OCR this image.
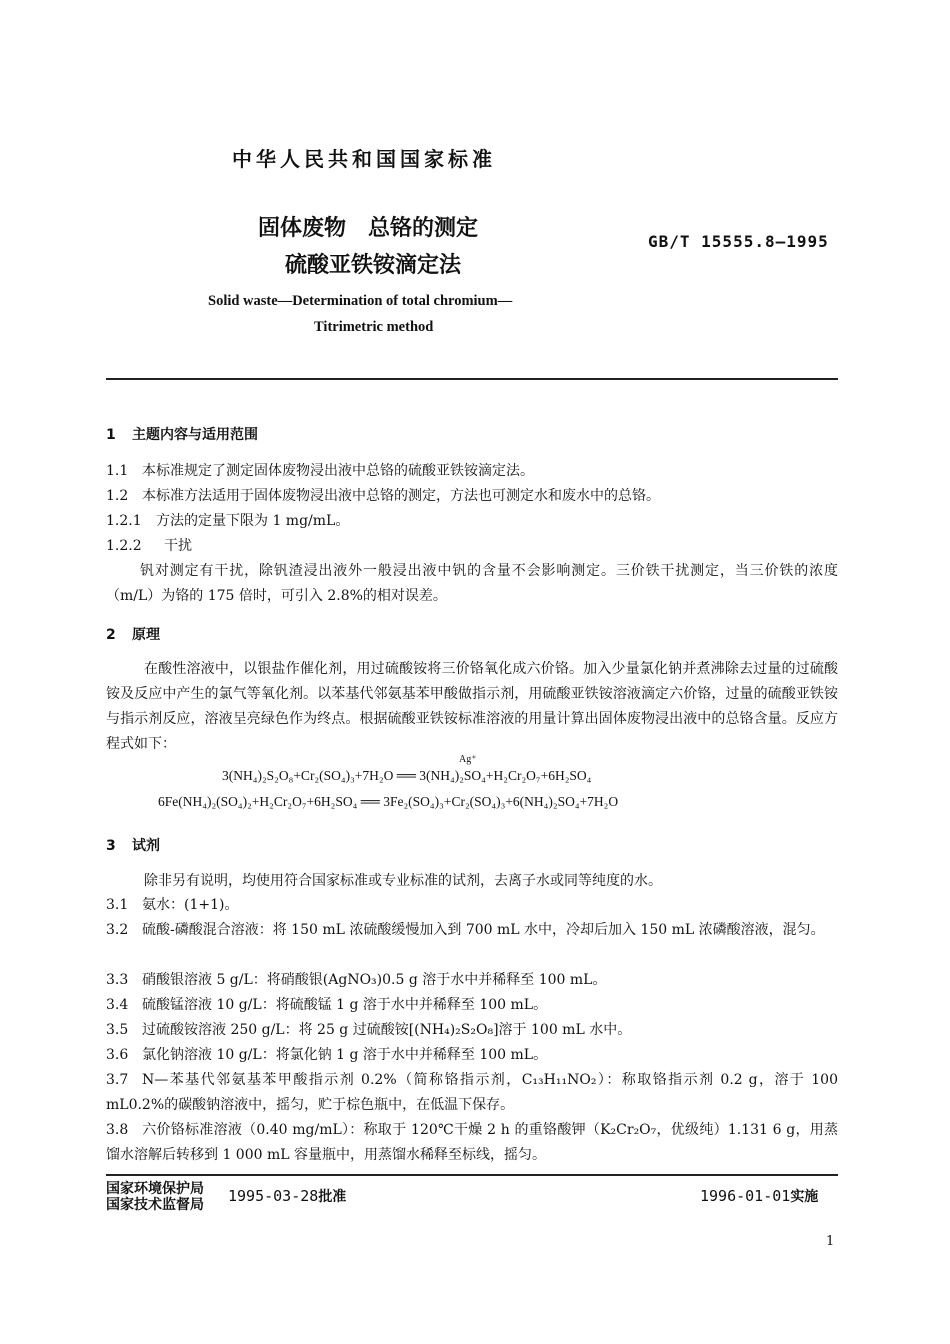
中华人民共和国国家标准
固体废物　总铬的测定
硫酸亚铁铵滴定法
GB/T 15555.8—1995
Solid waste—Determination of total chromium—
Titrimetric method
1 主题内容与适用范围
1.1 本标准规定了测定固体废物浸出液中总铬的硫酸亚铁铵滴定法。
1.2 本标准方法适用于固体废物浸出液中总铬的测定，方法也可测定水和废水中的总铬。
1.2.1 方法的定量下限为 1 mg/mL。
1.2.2 干扰
钒对测定有干扰，除钒渣浸出液外一般浸出液中钒的含量不会影响测定。三价铁干扰测定，当三价铁的浓度（m/L）为铬的 175 倍时，可引入 2.8%的相对误差。
2 原理
在酸性溶液中，以银盐作催化剂，用过硫酸铵将三价铬氧化成六价铬。加入少量氯化钠并煮沸除去过量的过硫酸铵及反应中产生的氯气等氧化剂。以苯基代邻氨基苯甲酸做指示剂，用硫酸亚铁铵溶液滴定六价铬，过量的硫酸亚铁铵与指示剂反应，溶液呈亮绿色作为终点。根据硫酸亚铁铵标准溶液的用量计算出固体废物浸出液中的总铬含量。反应方程式如下：
Ag⁺
3(NH₄)₂S₂O₈+Cr₂(SO₄)₃+7H₂O ══ 3(NH₄)₂SO₄+H₂Cr₂O₇+6H₂SO₄
6Fe(NH₄)₂(SO₄)₂+H₂Cr₂O₇+6H₂SO₄ ══ 3Fe₂(SO₄)₃+Cr₂(SO₄)₃+6(NH₄)₂SO₄+7H₂O
3 试剂
除非另有说明，均使用符合国家标准或专业标准的试剂，去离子水或同等纯度的水。
3.1 氨水：(1+1)。
3.2 硫酸-磷酸混合溶液：将 150 mL 浓硫酸缓慢加入到 700 mL 水中，冷却后加入 150 mL 浓磷酸溶液，混匀。
3.3 硝酸银溶液 5 g/L：将硝酸银(AgNO₃)0.5 g 溶于水中并稀释至 100 mL。
3.4 硫酸锰溶液 10 g/L：将硫酸锰 1 g 溶于水中并稀释至 100 mL。
3.5 过硫酸铵溶液 250 g/L：将 25 g 过硫酸铵[(NH₄)₂S₂O₈]溶于 100 mL 水中。
3.6 氯化钠溶液 10 g/L：将氯化钠 1 g 溶于水中并稀释至 100 mL。
3.7 N—苯基代邻氨基苯甲酸指示剂 0.2%（简称铬指示剂，C₁₃H₁₁NO₂）：称取铬指示剂 0.2 g，溶于 100 mL0.2%的碳酸钠溶液中，摇匀，贮于棕色瓶中，在低温下保存。
3.8 六价铬标准溶液（0.40 mg/mL）：称取于 120℃干燥 2 h 的重铬酸钾（K₂Cr₂O₇，优级纯）1.131 6 g，用蒸馏水溶解后转移到 1 000 mL 容量瓶中，用蒸馏水稀释至标线，摇匀。
国家环境保护局
国家技术监督局 1995-03-28批准	1996-01-01实施
1
